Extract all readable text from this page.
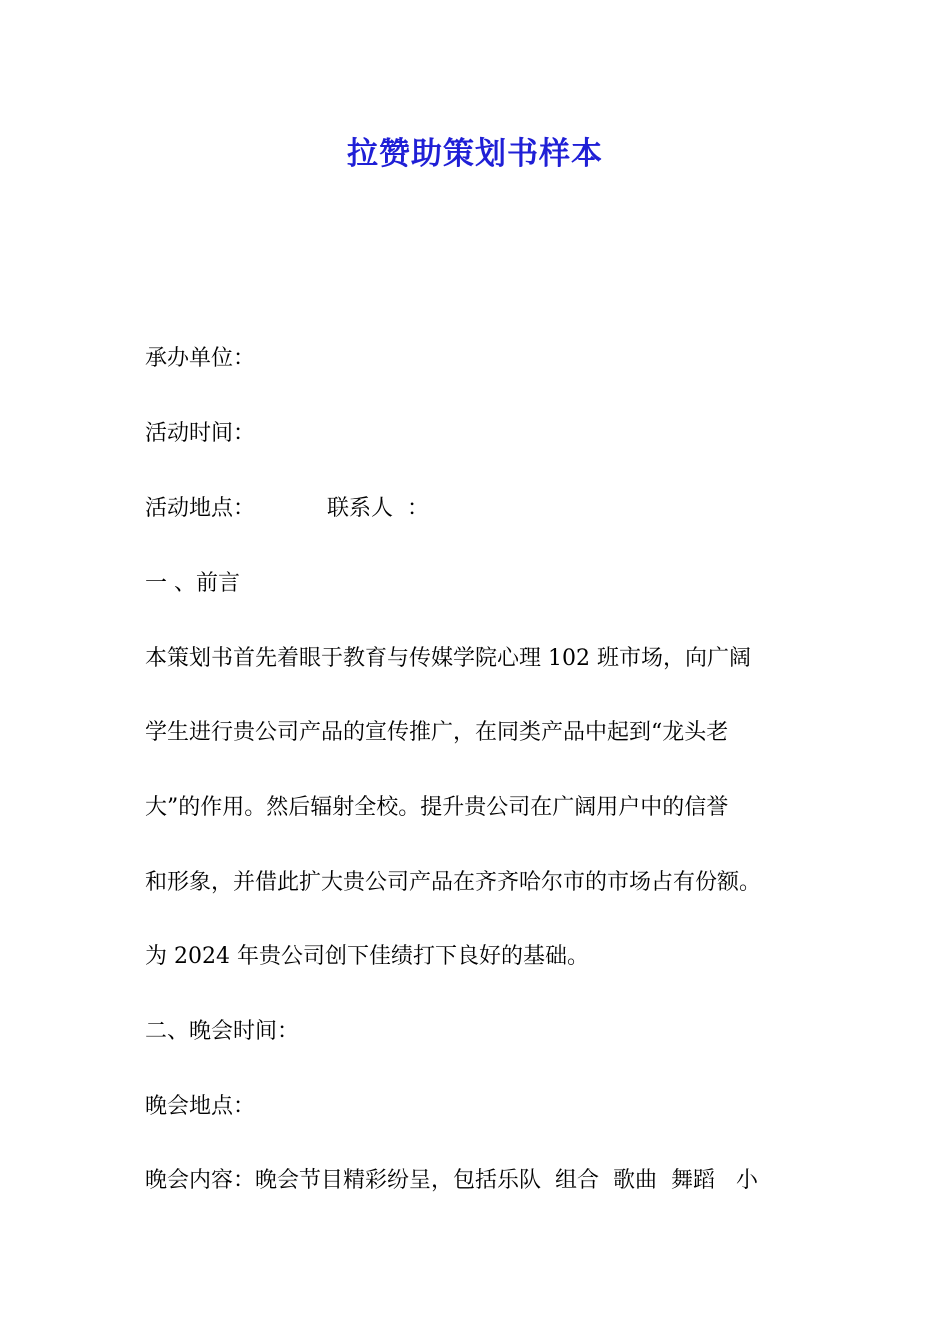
拉赞助策划书样本

承办单位：

活动时间：

活动地点：	联系人  ：

一 、前言

本策划书首先着眼于教育与传媒学院心理 102 班市场，向广阔

学生进行贵公司产品的宣传推广，在同类产品中起到“龙头老

大”的作用。然后辐射全校。提升贵公司在广阔用户中的信誉

和形象，并借此扩大贵公司产品在齐齐哈尔市的市场占有份额。

为 2024 年贵公司创下佳绩打下良好的基础。

二、晚会时间：

晚会地点：

晚会内容：晚会节目精彩纷呈，包括乐队  组合  歌曲  舞蹈   小
